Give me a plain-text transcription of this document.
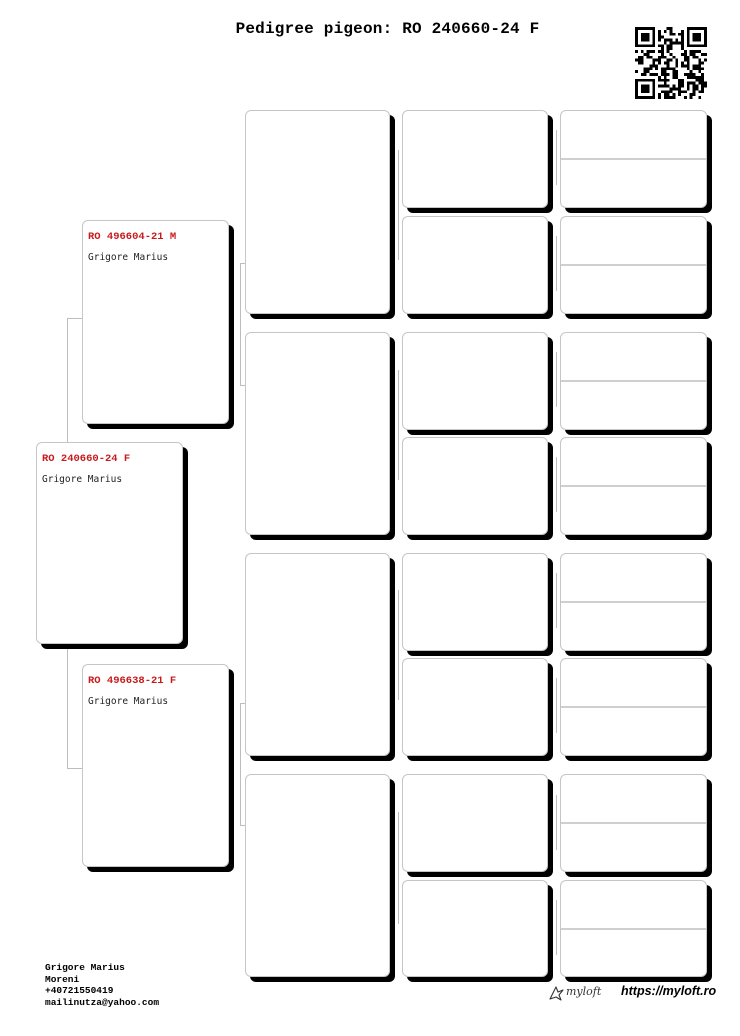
Pedigree pigeon: RO 240660-24 F
RO 240660-24 F
Grigore Marius
RO 496604-21 M
Grigore Marius
RO 496638-21 F
Grigore Marius
Grigore Marius
Moreni
+40721550419
mailinutza@yahoo.com
myloft https://myloft.ro
